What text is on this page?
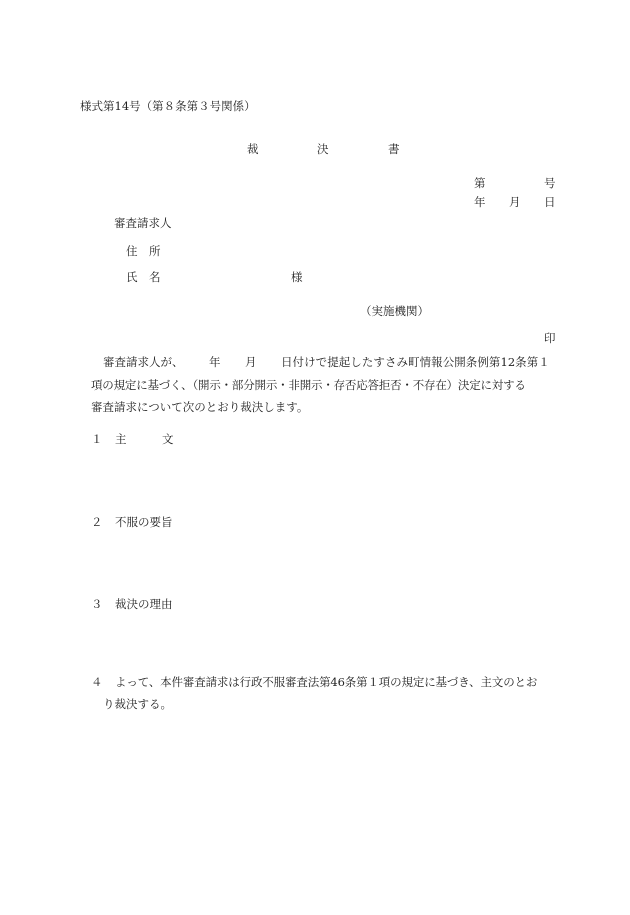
様式第14号（第８条第３号関係）
裁	決	書
第	号
年 月 日
審査請求人
住　所
氏　名	様
（実施機関）
印
審査請求人が、 年 月 日付けで提起したすさみ町情報公開条例第12条第１
項の規定に基づく、（開示・部分開示・非開示・存否応答拒否・不存在）決定に対する
審査請求について次のとおり裁決します。
１ 主	文
２ 不服の要旨
３ 裁決の理由
４ よって、本件審査請求は行政不服審査法第46条第１項の規定に基づき、主文のとお
り裁決する。
